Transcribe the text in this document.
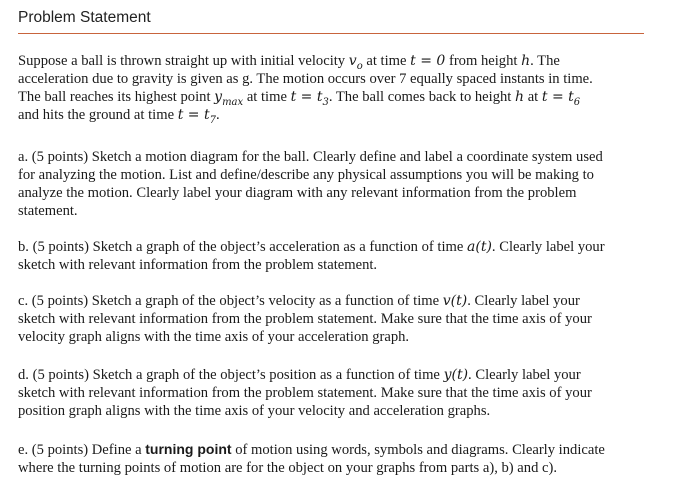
Problem Statement
Suppose a ball is thrown straight up with initial velocity $v_o$ at time t = 0 from height h. The
acceleration due to gravity is given as g. The motion occurs over 7 equally spaced instants in time.
The ball reaches its highest point $y_{max}$ at time $t = t_3$. The ball comes back to height h at $t = t_6$
and hits the ground at time $t = t_7$.
a. (5 points) Sketch a motion diagram for the ball. Clearly define and label a coordinate system used
for analyzing the motion. List and define/describe any physical assumptions you will be making to
analyze the motion. Clearly label your diagram with any relevant information from the problem
statement.
b. (5 points) Sketch a graph of the object’s acceleration as a function of time a(t). Clearly label your
sketch with relevant information from the problem statement.
c. (5 points) Sketch a graph of the object’s velocity as a function of time v(t). Clearly label your
sketch with relevant information from the problem statement. Make sure that the time axis of your
velocity graph aligns with the time axis of your acceleration graph.
d. (5 points) Sketch a graph of the object’s position as a function of time y(t). Clearly label your
sketch with relevant information from the problem statement. Make sure that the time axis of your
position graph aligns with the time axis of your velocity and acceleration graphs.
e. (5 points) Define a turning point of motion using words, symbols and diagrams. Clearly indicate
where the turning points of motion are for the object on your graphs from parts a), b) and c).
